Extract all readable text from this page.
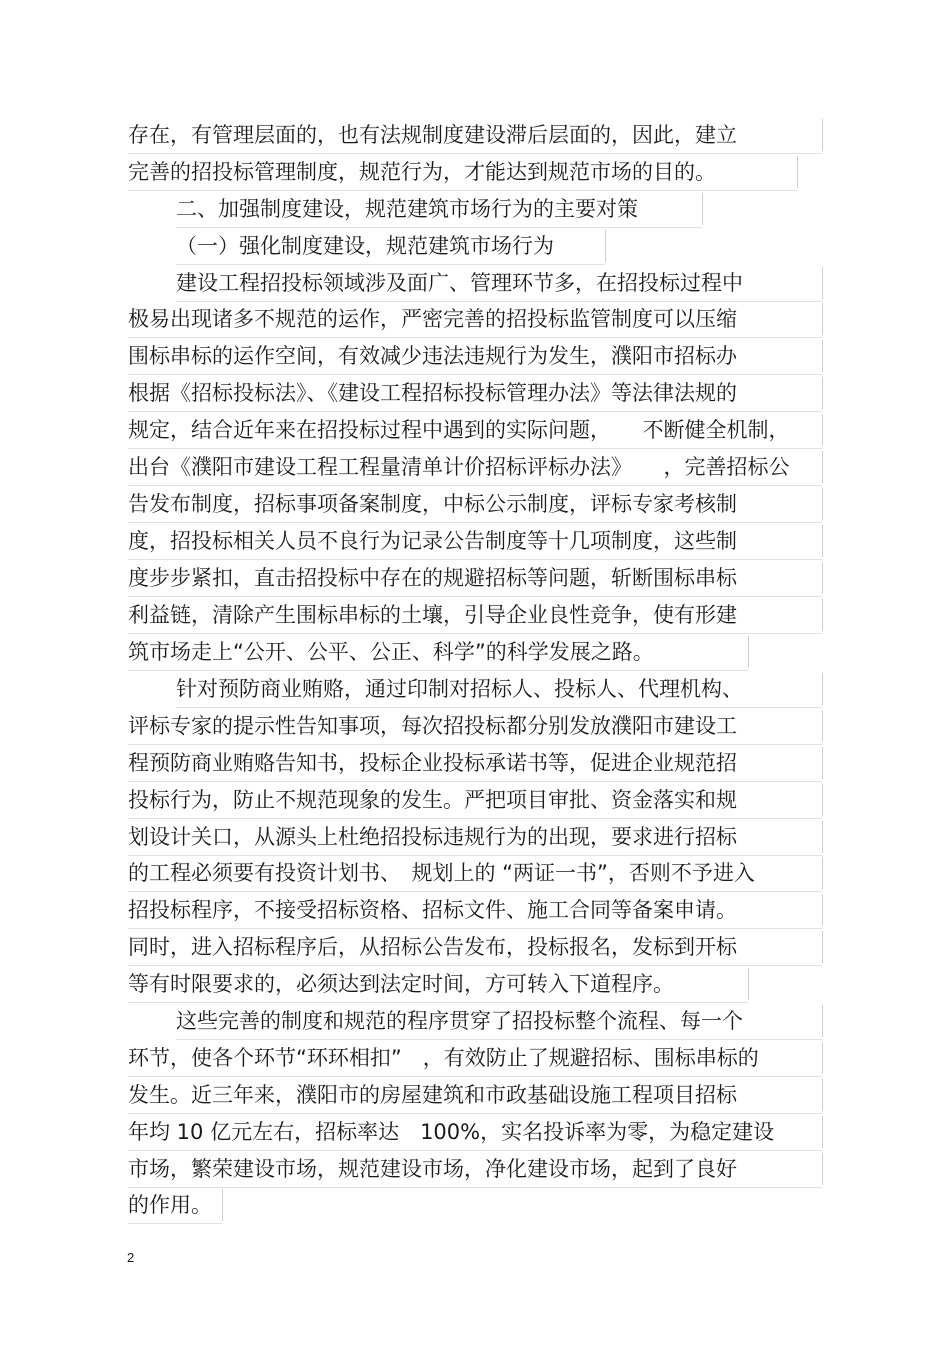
存在，有管理层面的，也有法规制度建设滞后层面的，因此，建立
完善的招投标管理制度，规范行为，才能达到规范市场的目的。
二、加强制度建设，规范建筑市场行为的主要对策
（一）强化制度建设，规范建筑市场行为
建设工程招投标领域涉及面广、管理环节多，在招投标过程中
极易出现诸多不规范的运作，严密完善的招投标监管制度可以压缩
围标串标的运作空间，有效减少违法违规行为发生，濮阳市招标办
根据《招标投标法》、《建设工程招标投标管理办法》等法律法规的
规定，结合近年来在招投标过程中遇到的实际问题，　　不断健全机制，
出台《濮阳市建设工程工程量清单计价招标评标办法》　　，完善招标公
告发布制度，招标事项备案制度，中标公示制度，评标专家考核制
度，招投标相关人员不良行为记录公告制度等十几项制度，这些制
度步步紧扣，直击招投标中存在的规避招标等问题，斩断围标串标
利益链，清除产生围标串标的土壤，引导企业良性竞争，使有形建
筑市场走上“公开、公平、公正、科学”的科学发展之路。
针对预防商业贿赂，通过印制对招标人、投标人、代理机构、
评标专家的提示性告知事项，每次招投标都分别发放濮阳市建设工
程预防商业贿赂告知书，投标企业投标承诺书等，促进企业规范招
投标行为，防止不规范现象的发生。严把项目审批、资金落实和规
划设计关口，从源头上杜绝招投标违规行为的出现，要求进行招标
的工程必须要有投资计划书、　规划上的 “两证一书”，否则不予进入
招投标程序，不接受招标资格、招标文件、施工合同等备案申请。
同时，进入招标程序后，从招标公告发布，投标报名，发标到开标
等有时限要求的，必须达到法定时间，方可转入下道程序。
这些完善的制度和规范的程序贯穿了招投标整个流程、每一个
环节，使各个环节“环环相扣”　，有效防止了规避招标、围标串标的
发生。近三年来，濮阳市的房屋建筑和市政基础设施工程项目招标
年均 10 亿元左右，招标率达　100%，实名投诉率为零，为稳定建设
市场，繁荣建设市场，规范建设市场，净化建设市场，起到了良好
的作用。
2
